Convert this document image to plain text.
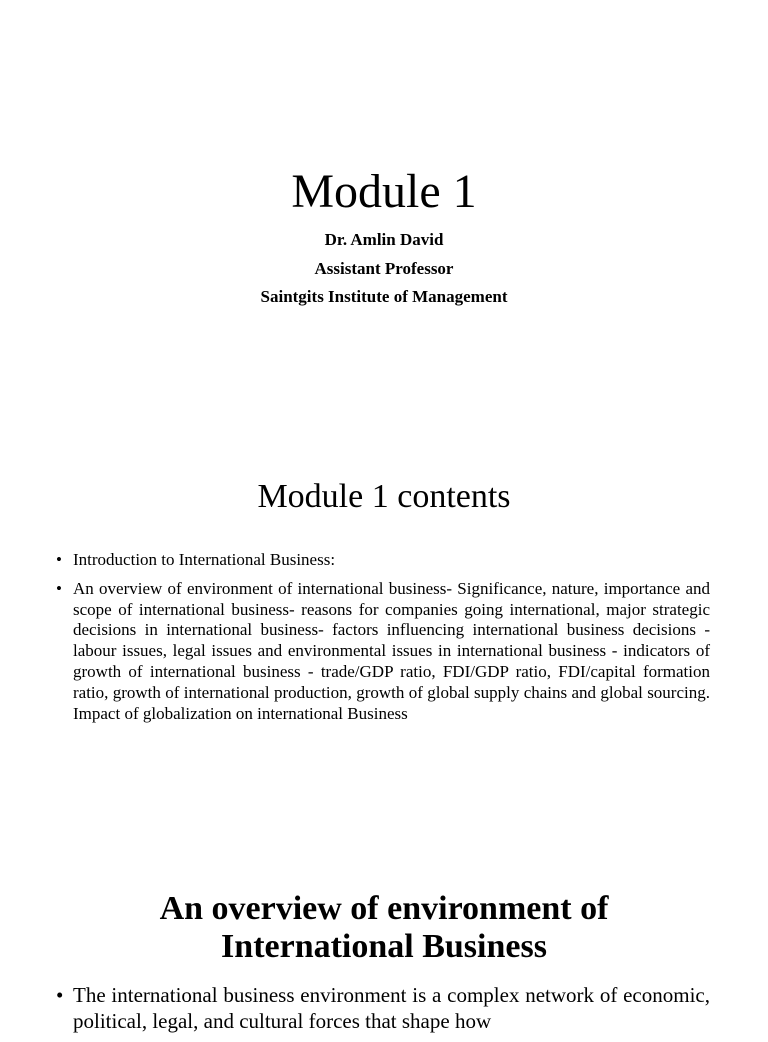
Module 1
Dr. Amlin David
Assistant Professor
Saintgits Institute of Management
Module 1 contents
• Introduction to International Business:
• An overview of environment of international business- Significance, nature, importance and scope of international business- reasons for companies going international, major strategic decisions in international business- factors influencing international business decisions - labour issues, legal issues and environmental issues in international business - indicators of growth of international business - trade/GDP ratio, FDI/GDP ratio, FDI/capital formation ratio, growth of international production, growth of global supply chains and global sourcing. Impact of globalization on international Business
An overview of environment of
International Business
• The international business environment is a complex network of economic, political, legal, and cultural forces that shape how
